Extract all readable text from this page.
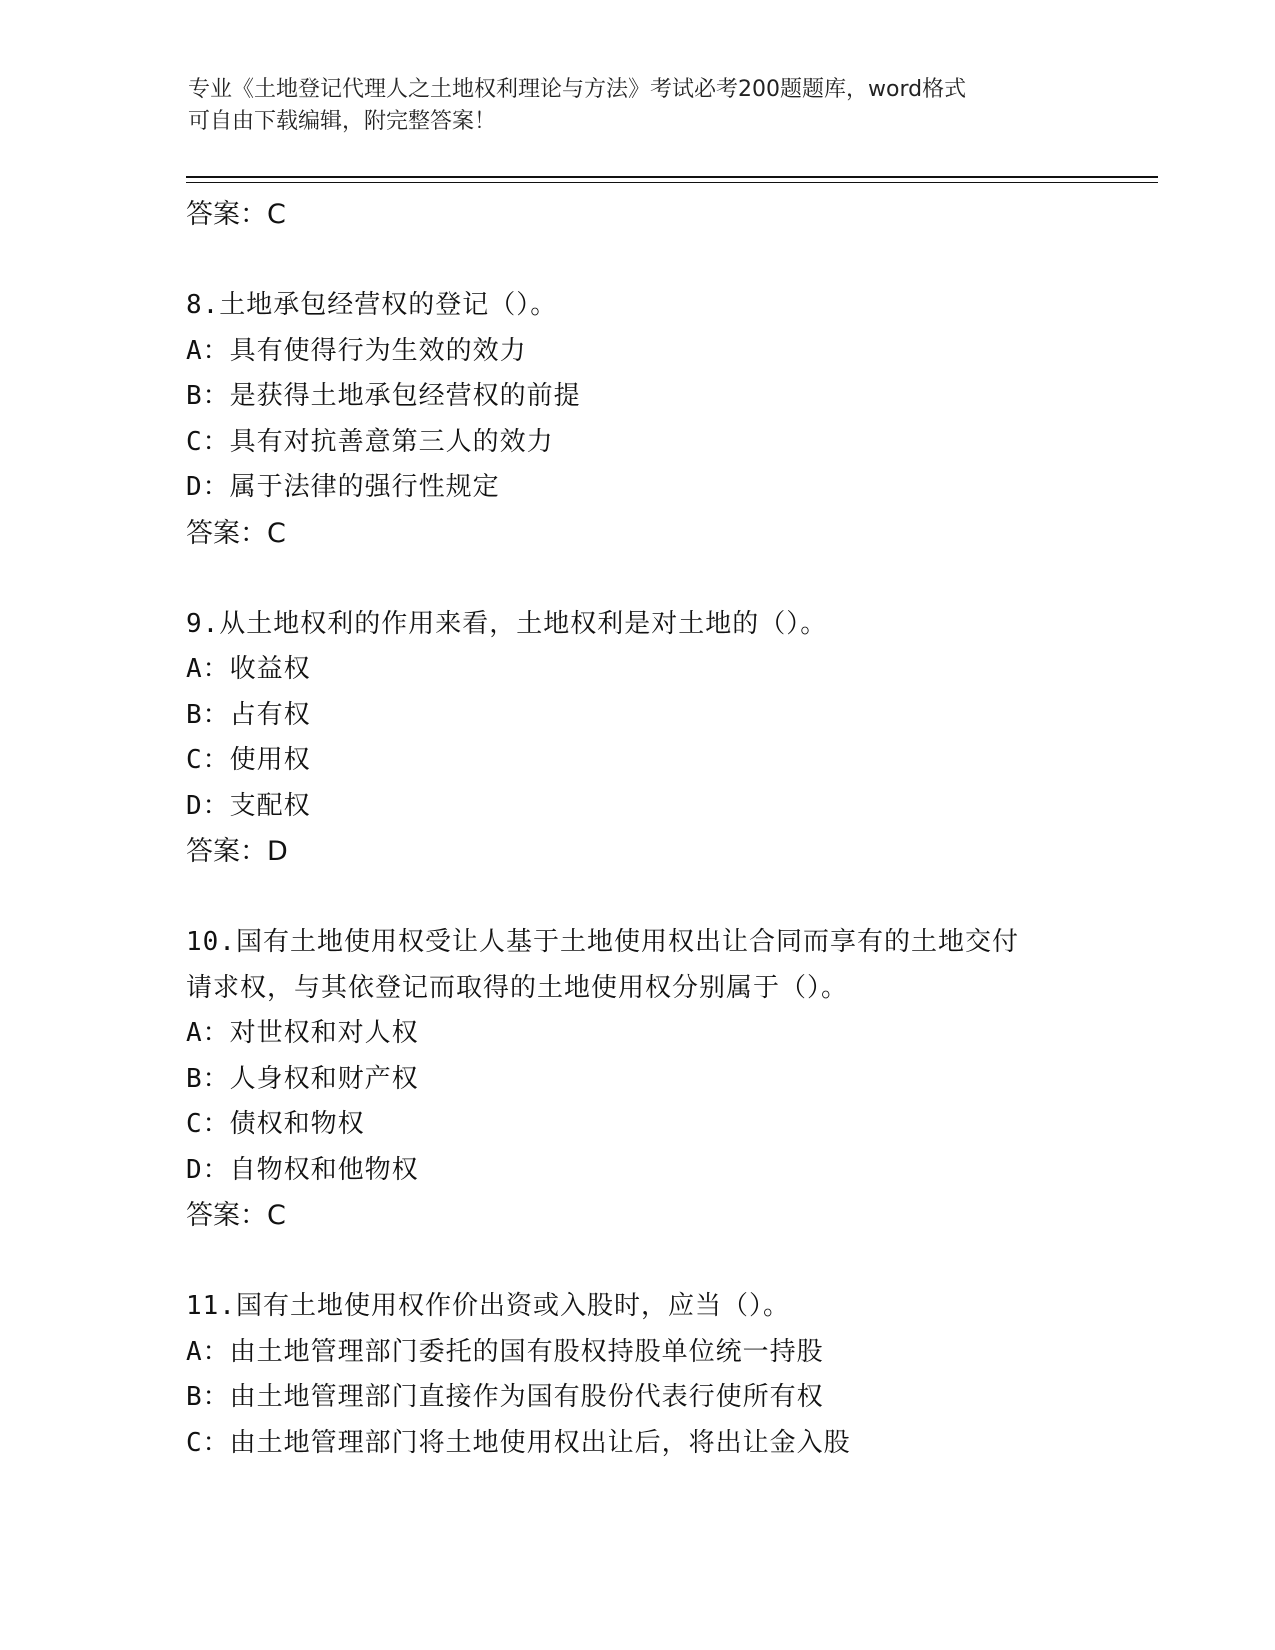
专业《土地登记代理人之土地权利理论与方法》考试必考200题题库，word格式
可自由下载编辑，附完整答案！
答案：C
8.土地承包经营权的登记（）。
A：具有使得行为生效的效力
B：是获得土地承包经营权的前提
C：具有对抗善意第三人的效力
D：属于法律的强行性规定
答案：C
9.从土地权利的作用来看，土地权利是对土地的（）。
A：收益权
B：占有权
C：使用权
D：支配权
答案：D
10.国有土地使用权受让人基于土地使用权出让合同而享有的土地交付
请求权，与其依登记而取得的土地使用权分别属于（）。
A：对世权和对人权
B：人身权和财产权
C：债权和物权
D：自物权和他物权
答案：C
11.国有土地使用权作价出资或入股时，应当（）。
A：由土地管理部门委托的国有股权持股单位统一持股
B：由土地管理部门直接作为国有股份代表行使所有权
C：由土地管理部门将土地使用权出让后，将出让金入股
